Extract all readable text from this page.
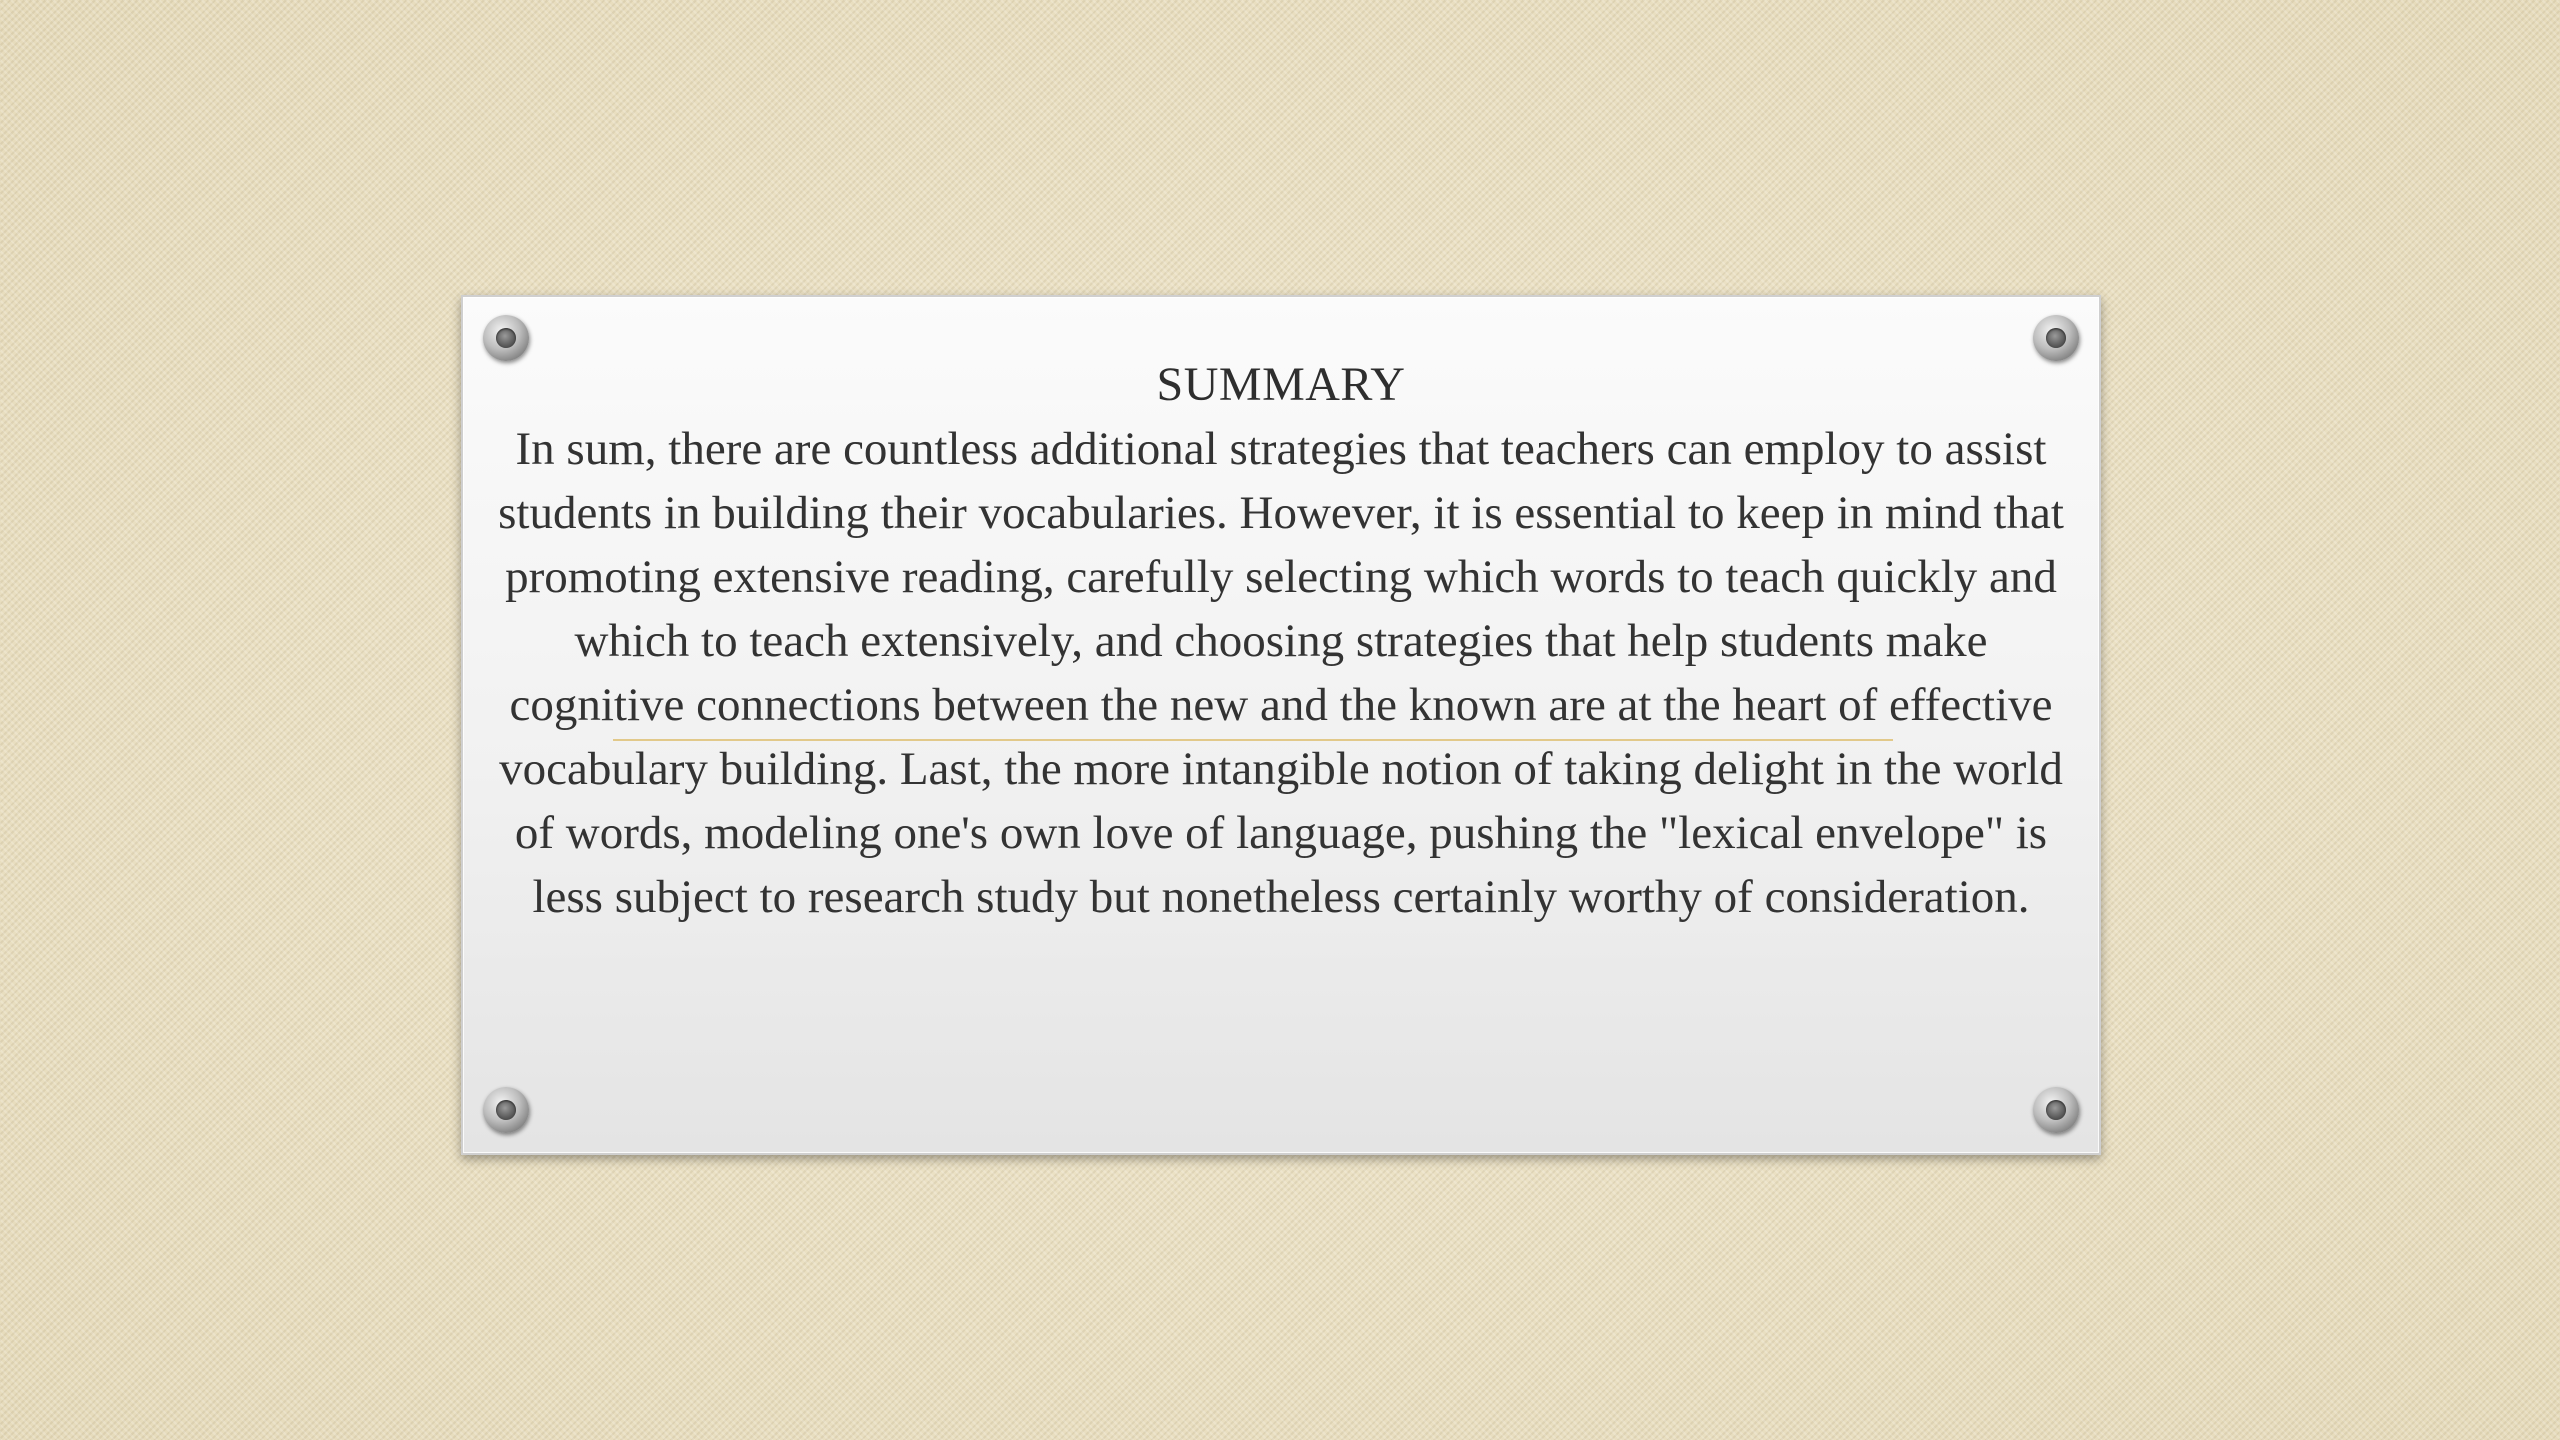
SUMMARY

In sum, there are countless additional strategies that teachers can employ to assist students in building their vocabularies. However, it is essential to keep in mind that promoting extensive reading, carefully selecting which words to teach quickly and which to teach extensively, and choosing strategies that help students make cognitive connections between the new and the known are at the heart of effective vocabulary building. Last, the more intangible notion of taking delight in the world of words, modeling one's own love of language, pushing the "lexical envelope" is less subject to research study but nonetheless certainly worthy of consideration.
